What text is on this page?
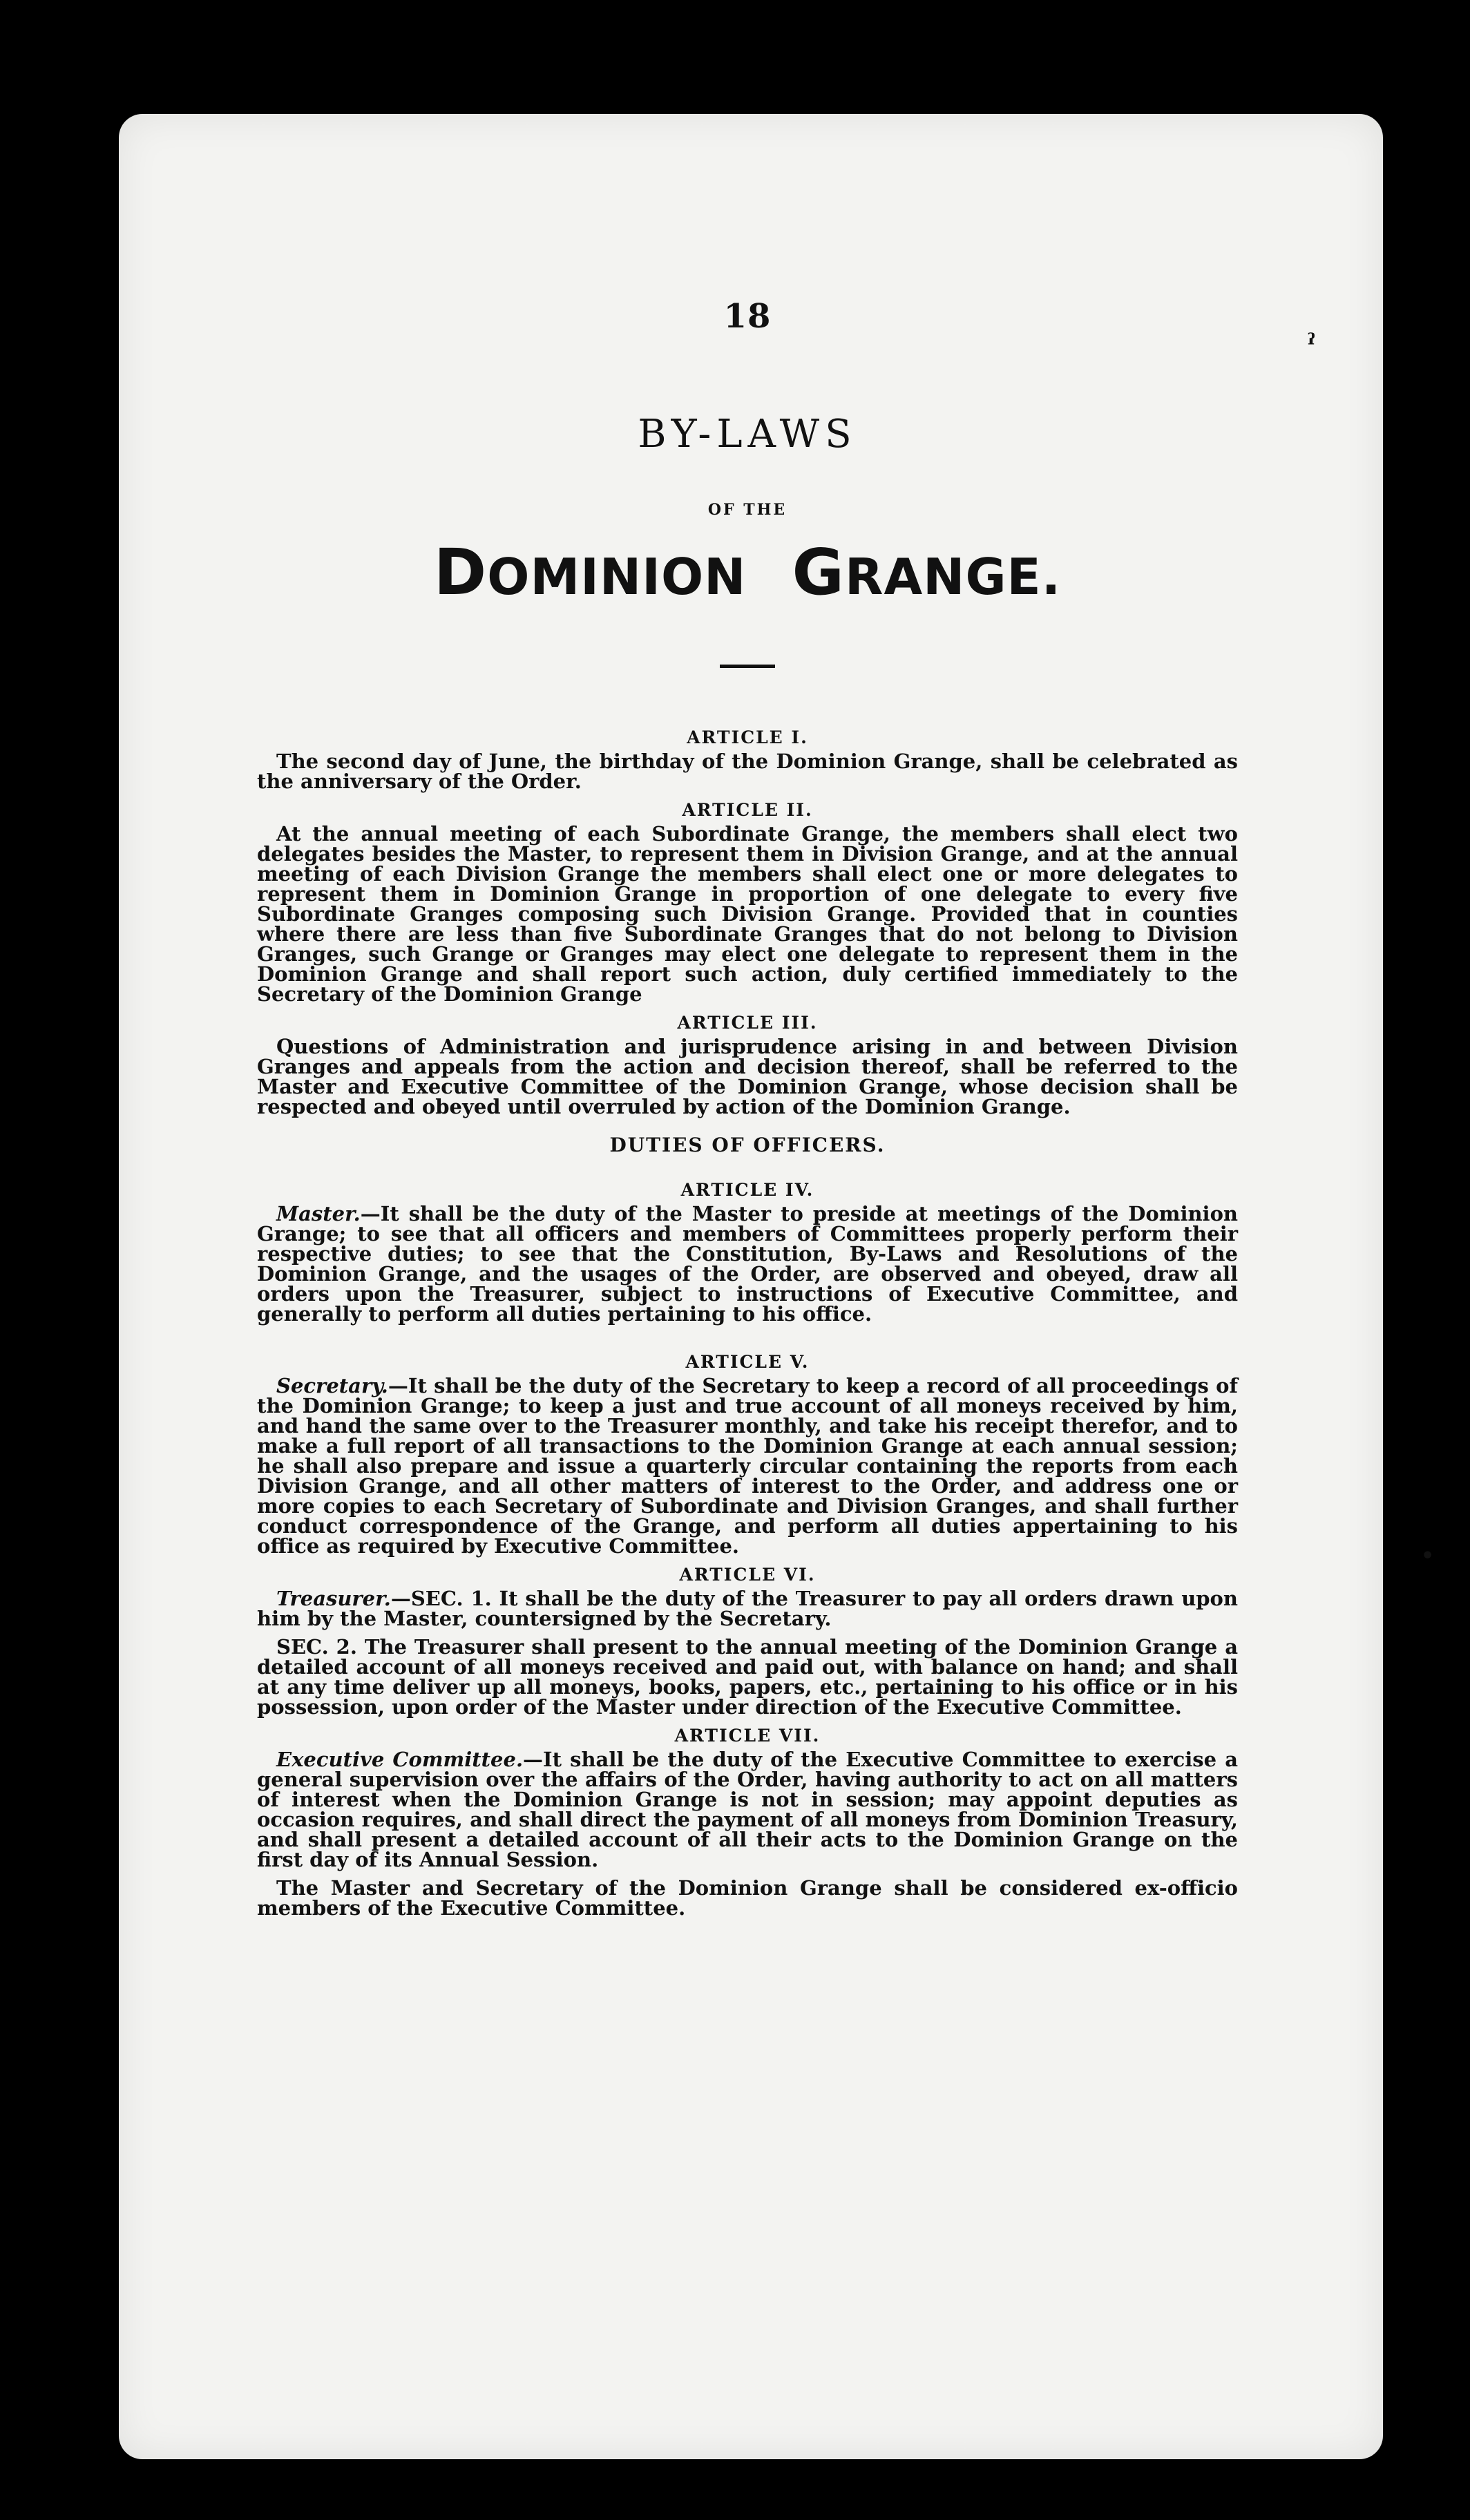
ˀ
•
18
BY-LAWS
OF THE
DOMINION GRANGE.
ARTICLE I.

The second day of June, the birthday of the Dominion Grange, shall be celebrated as the anniversary of the Order.

ARTICLE II.

At the annual meeting of each Subordinate Grange, the members shall elect two delegates besides the Master, to represent them in Division Grange, and at the annual meeting of each Division Grange the members shall elect one or more delegates to represent them in Dominion Grange in proportion of one delegate to every five Subordinate Granges composing such Division Grange. Provided that in counties where there are less than five Subordinate Granges that do not belong to Division Granges, such Grange or Granges may elect one delegate to represent them in the Dominion Grange and shall report such action, duly certified immediately to the Secretary of the Dominion Grange

ARTICLE III.

Questions of Administration and jurisprudence arising in and between Division Granges and appeals from the action and decision thereof, shall be referred to the Master and Executive Committee of the Dominion Grange, whose decision shall be respected and obeyed until overruled by action of the Dominion Grange.

DUTIES OF OFFICERS.
ARTICLE IV.

Master.—It shall be the duty of the Master to preside at meetings of the Dominion Grange; to see that all officers and members of Committees properly perform their respective duties; to see that the Constitution, By-Laws and Resolutions of the Dominion Grange, and the usages of the Order, are observed and obeyed, draw all orders upon the Treasurer, subject to instructions of Executive Committee, and generally to perform all duties pertaining to his office.

ARTICLE V.

Secretary.—It shall be the duty of the Secretary to keep a record of all proceedings of the Dominion Grange; to keep a just and true account of all moneys received by him, and hand the same over to the Treasurer monthly, and take his receipt therefor, and to make a full report of all transactions to the Dominion Grange at each annual session; he shall also prepare and issue a quarterly circular containing the reports from each Division Grange, and all other matters of interest to the Order, and address one or more copies to each Secretary of Subordinate and Division Granges, and shall further conduct correspondence of the Grange, and perform all duties appertaining to his office as required by Executive Committee.

ARTICLE VI.

Treasurer.—SEC. 1. It shall be the duty of the Treasurer to pay all orders drawn upon him by the Master, countersigned by the Secretary.

SEC. 2. The Treasurer shall present to the annual meeting of the Dominion Grange a detailed account of all moneys received and paid out, with balance on hand; and shall at any time deliver up all moneys, books, papers, etc., pertaining to his office or in his possession, upon order of the Master under direction of the Executive Committee.

ARTICLE VII.

Executive Committee.—It shall be the duty of the Executive Committee to exercise a general supervision over the affairs of the Order, having authority to act on all matters of interest when the Dominion Grange is not in session; may appoint deputies as occasion requires, and shall direct the payment of all moneys from Dominion Treasury, and shall present a detailed account of all their acts to the Dominion Grange on the first day of its Annual Session.

The Master and Secretary of the Dominion Grange shall be considered ex-officio members of the Executive Committee.
